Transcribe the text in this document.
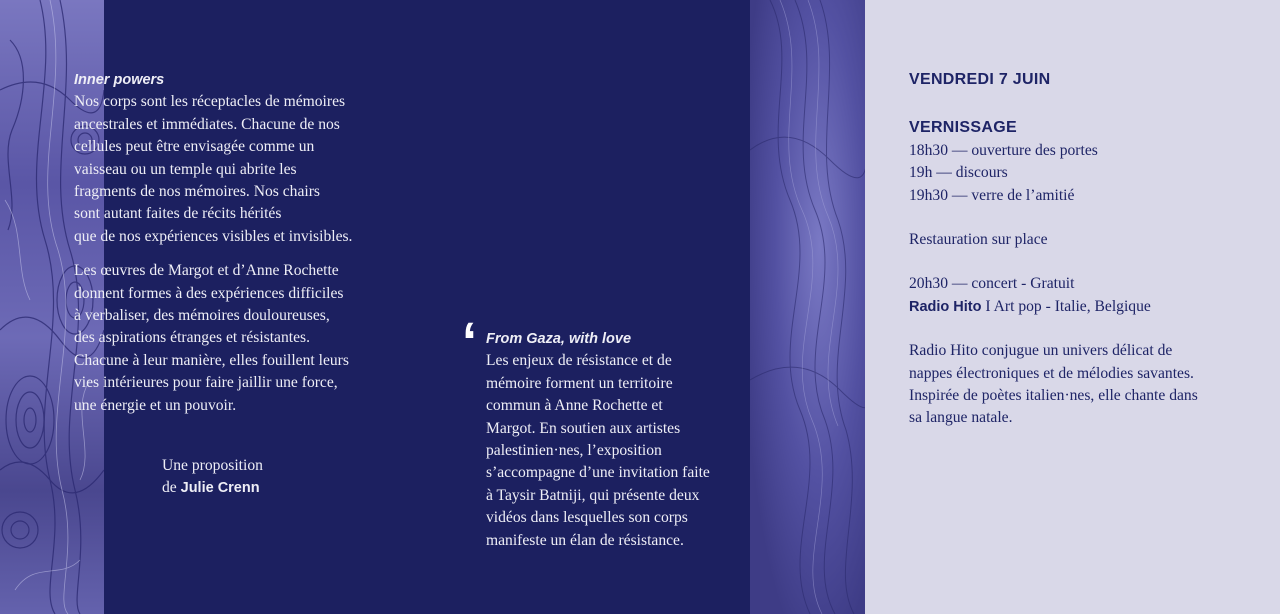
Inner powers
Nos corps sont les réceptacles de mémoires
ancestrales et immédiates. Chacune de nos
cellules peut être envisagée comme un
vaisseau ou un temple qui abrite les
fragments de nos mémoires. Nos chairs
sont autant faites de récits hérités
que de nos expériences visibles et invisibles.
Les œuvres de Margot et d’Anne Rochette
donnent formes à des expériences difficiles
à verbaliser, des mémoires douloureuses,
des aspirations étranges et résistantes.
Chacune à leur manière, elles fouillent leurs
vies intérieures pour faire jaillir une force,
une énergie et un pouvoir.
Une proposition
de Julie Crenn
‘ From Gaza, with love
Les enjeux de résistance et de
mémoire forment un territoire
commun à Anne Rochette et
Margot. En soutien aux artistes
palestinien·nes, l’exposition
s’accompagne d’une invitation faite
à Taysir Batniji, qui présente deux
vidéos dans lesquelles son corps
manifeste un élan de résistance.
VENDREDI 7 JUIN
VERNISSAGE
18h30 — ouverture des portes
19h — discours
19h30 — verre de l’amitié
Restauration sur place
20h30 — concert - Gratuit
Radio Hito I Art pop - Italie, Belgique
Radio Hito conjugue un univers délicat de
nappes électroniques et de mélodies savantes.
Inspirée de poètes italien·nes, elle chante dans
sa langue natale.
